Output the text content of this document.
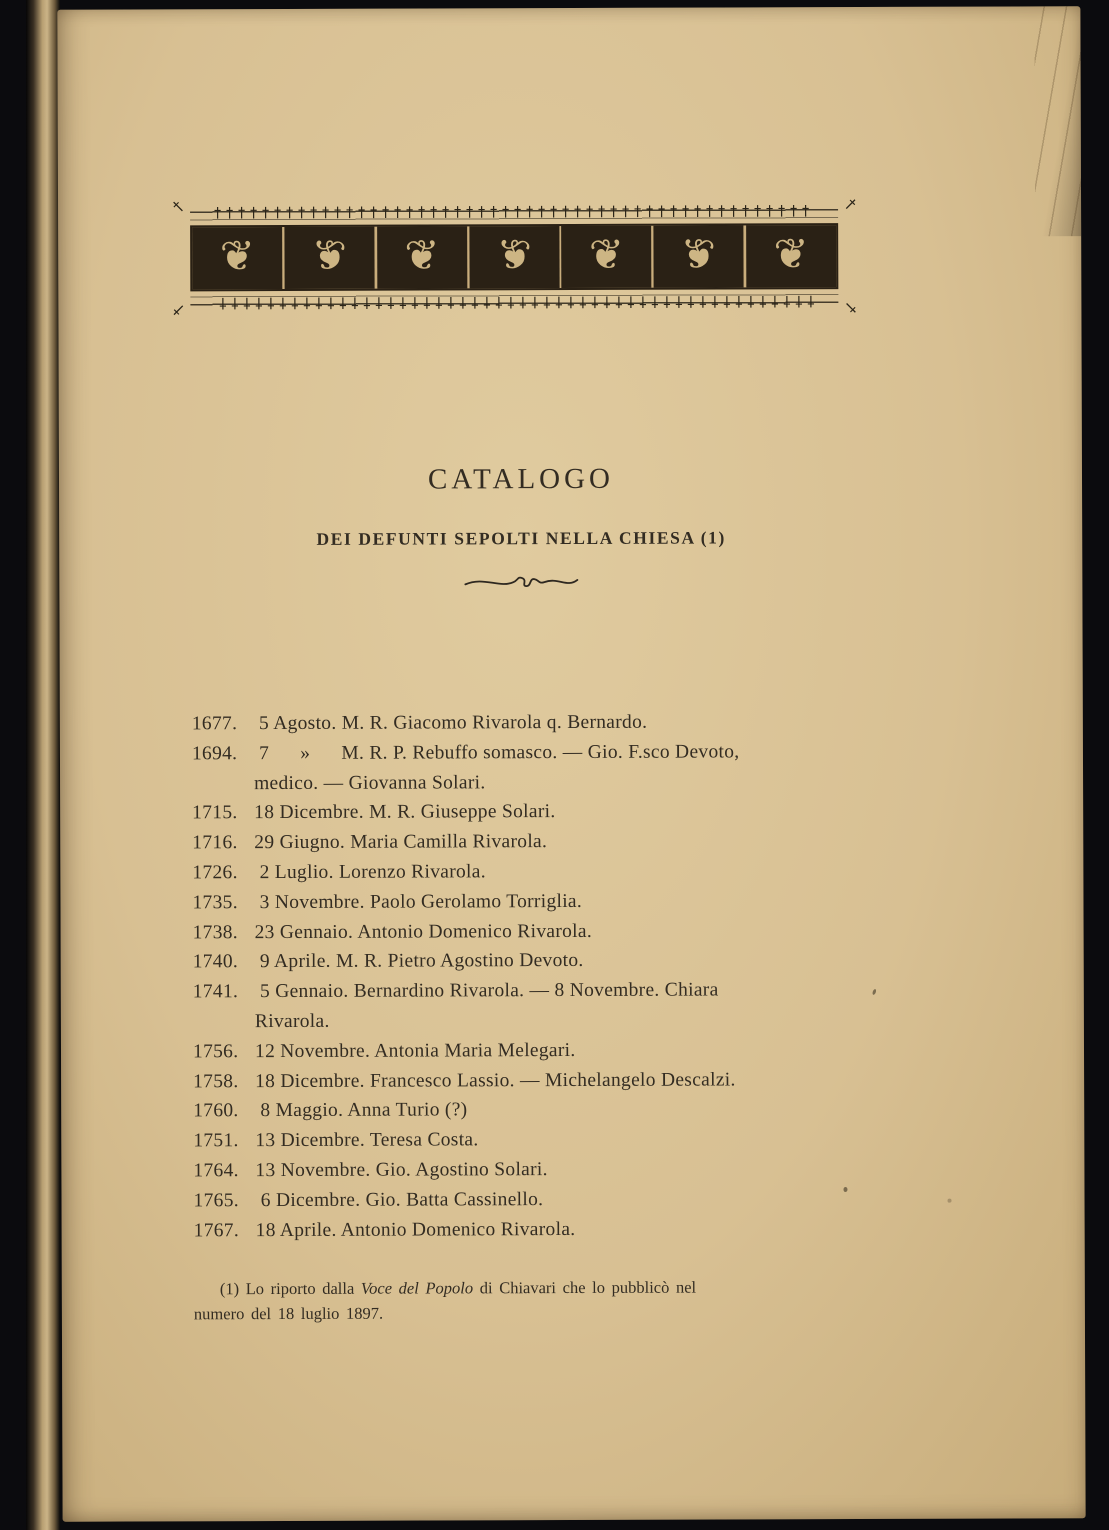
†	†
†	†
††††††††††††††††††††††††††††††††††††††††††††††††††
❦	❦	❦	❦	❦	❦	❦
††††††††††††††††††††††††††††††††††††††††††††††††††
CATALOGO
DEI DEFUNTI SEPOLTI NELLA CHIESA (1)
1677. 5 Agosto. M. R. Giacomo Rivarola q. Bernardo.
1694. 7      »      M. R. P. Rebuffo somasco. — Gio. F.sco Devoto,
medico. — Giovanna Solari.
1715. 18 Dicembre. M. R. Giuseppe Solari.
1716. 29 Giugno. Maria Camilla Rivarola.
1726. 2 Luglio. Lorenzo Rivarola.
1735. 3 Novembre. Paolo Gerolamo Torriglia.
1738. 23 Gennaio. Antonio Domenico Rivarola.
1740. 9 Aprile. M. R. Pietro Agostino Devoto.
1741. 5 Gennaio. Bernardino Rivarola. — 8 Novembre. Chiara
Rivarola.
1756. 12 Novembre. Antonia Maria Melegari.
1758. 18 Dicembre. Francesco Lassio. — Michelangelo Descalzi.
1760. 8 Maggio. Anna Turio (?)
1751. 13 Dicembre. Teresa Costa.
1764. 13 Novembre. Gio. Agostino Solari.
1765. 6 Dicembre. Gio. Batta Cassinello.
1767. 18 Aprile. Antonio Domenico Rivarola.
(1) Lo riporto dalla Voce del Popolo di Chiavari che lo pubblicò nel
numero del 18 luglio 1897.
